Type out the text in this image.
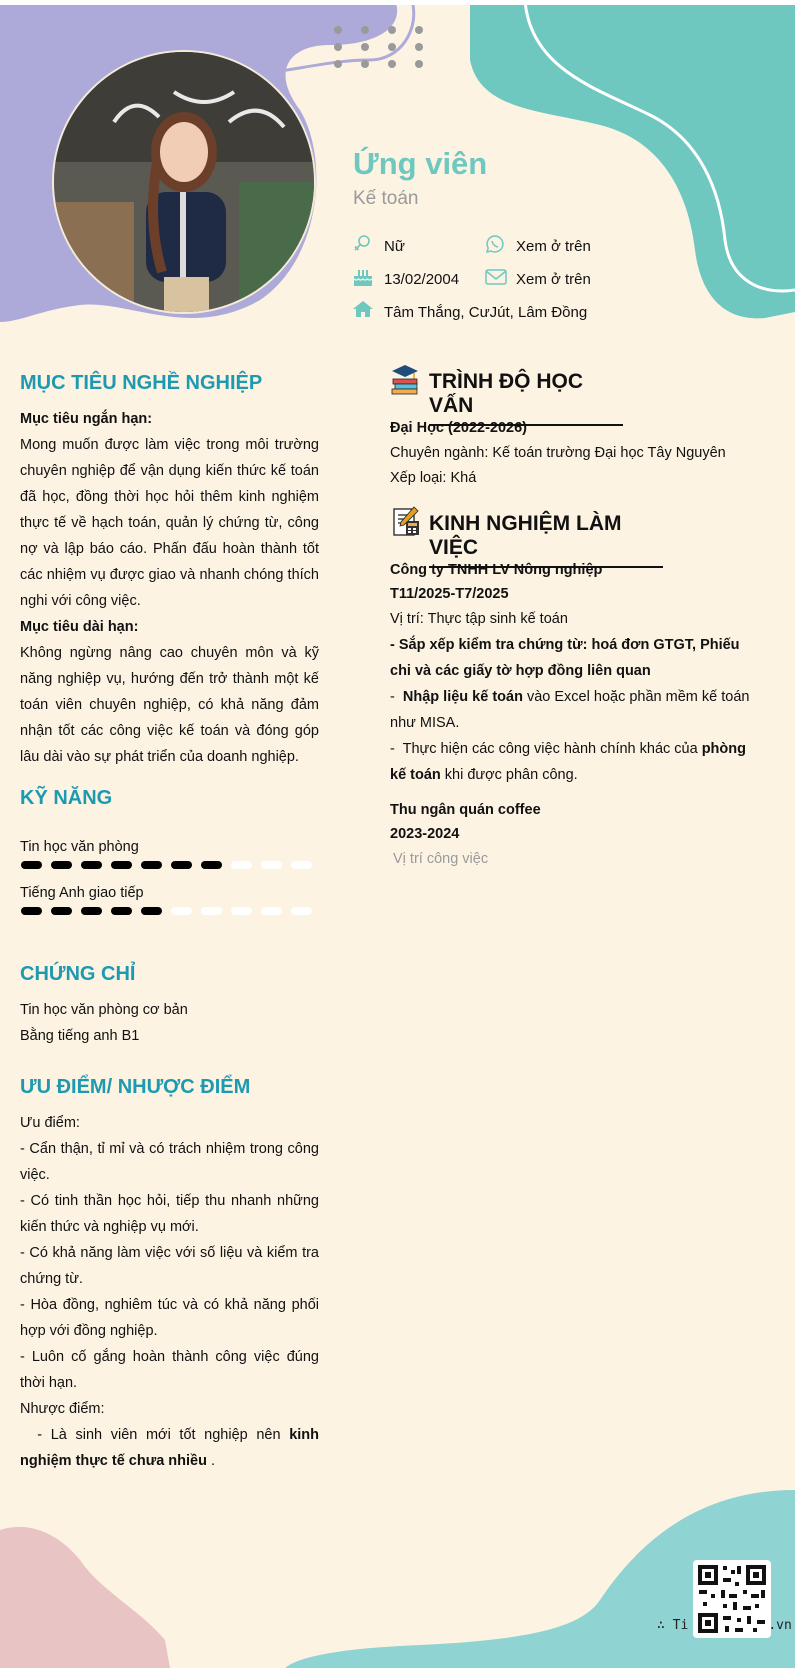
Ứng viên
Kế toán
Nữ	Xem ở trên
13/02/2004	Xem ở trên
Tâm Thắng, CưJút, Lâm Đồng
MỤC TIÊU NGHỀ NGHIỆP
Mục tiêu ngắn hạn:
Mong muốn được làm việc trong môi trường chuyên nghiệp để vận dụng kiến thức kế toán đã học, đồng thời học hỏi thêm kinh nghiệm thực tế về hạch toán, quản lý chứng từ, công nợ và lập báo cáo. Phấn đấu hoàn thành tốt các nhiệm vụ được giao và nhanh chóng thích nghi với công việc.
Mục tiêu dài hạn:
Không ngừng nâng cao chuyên môn và kỹ năng nghiệp vụ, hướng đến trở thành một kế toán viên chuyên nghiệp, có khả năng đảm nhận tốt các công việc kế toán và đóng góp lâu dài vào sự phát triển của doanh nghiệp.
KỸ NĂNG
Tin học văn phòng
Tiếng Anh giao tiếp
CHỨNG CHỈ
Tin học văn phòng cơ bản
Bằng tiếng anh B1
ƯU ĐIỂM/ NHƯỢC ĐIỂM
Ưu điểm:
- Cẩn thận, tỉ mỉ và có trách nhiệm trong công việc.
- Có tinh thần học hỏi, tiếp thu nhanh những kiến thức và nghiệp vụ mới.
- Có khả năng làm việc với số liệu và kiểm tra chứng từ.
- Hòa đồng, nghiêm túc và có khả năng phối hợp với đồng nghiệp.
- Luôn cố gắng hoàn thành công việc đúng thời hạn.
Nhược điểm:
- Là sinh viên mới tốt nghiệp nên kinh nghiệm thực tế chưa nhiều .
TRÌNH ĐỘ HỌC VẤN
Đại Học (2022-2026)
Chuyên ngành: Kế toán trường Đại học Tây Nguyên
Xếp loại: Khá
KINH NGHIỆM LÀM VIỆC
Công ty TNHH LV Nông nghiệp
T11/2025-T7/2025
Vị trí: Thực tập sinh kế toán
- Sắp xếp kiểm tra chứng từ: hoá đơn GTGT, Phiếu chi và các giấy tờ hợp đồng liên quan
-  Nhập liệu kế toán vào Excel hoặc phần mềm kế toán như MISA.
-  Thực hiện các công việc hành chính khác của phòng kế toán khi được phân công.
Thu ngân quán coffee
2023-2024
Vị trí công việc
∴ Ti	.vn
